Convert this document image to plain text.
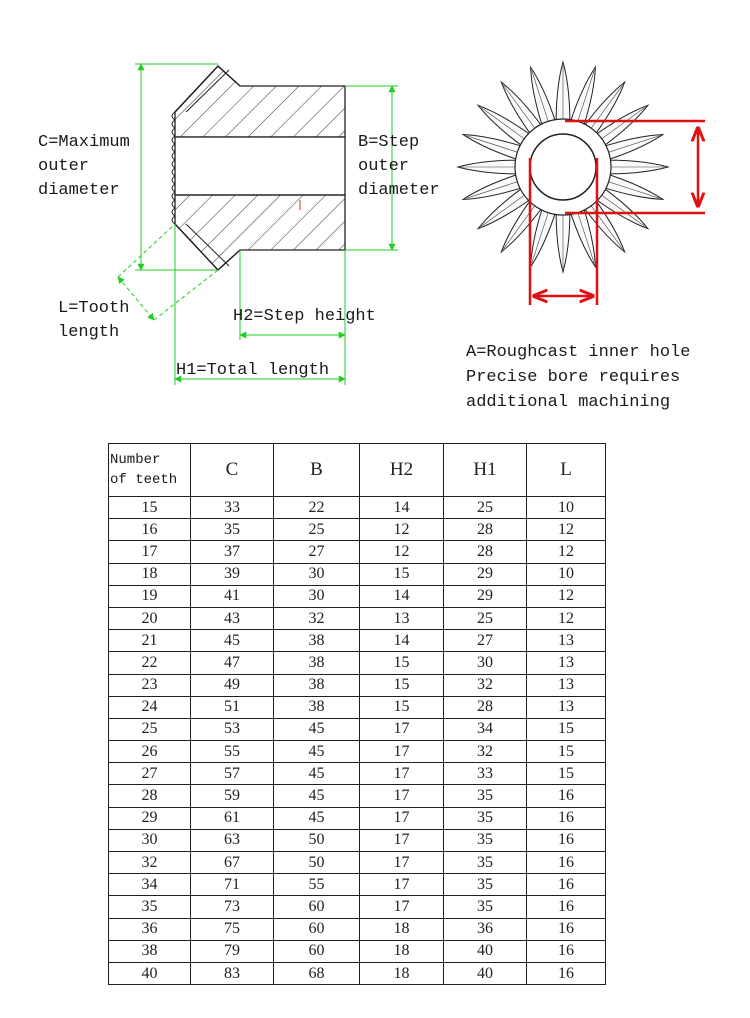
C=Maximum
outer
diameter
B=Step
outer
diameter
L=Tooth
length
H2=Step height
H1=Total length
A=Roughcast inner hole
Precise bore requires
additional machining
Number
of teeth	C	B	H2	H1	L
15	33	22	14	25	10
16	35	25	12	28	12
17	37	27	12	28	12
18	39	30	15	29	10
19	41	30	14	29	12
20	43	32	13	25	12
21	45	38	14	27	13
22	47	38	15	30	13
23	49	38	15	32	13
24	51	38	15	28	13
25	53	45	17	34	15
26	55	45	17	32	15
27	57	45	17	33	15
28	59	45	17	35	16
29	61	45	17	35	16
30	63	50	17	35	16
32	67	50	17	35	16
34	71	55	17	35	16
35	73	60	17	35	16
36	75	60	18	36	16
38	79	60	18	40	16
40	83	68	18	40	16
